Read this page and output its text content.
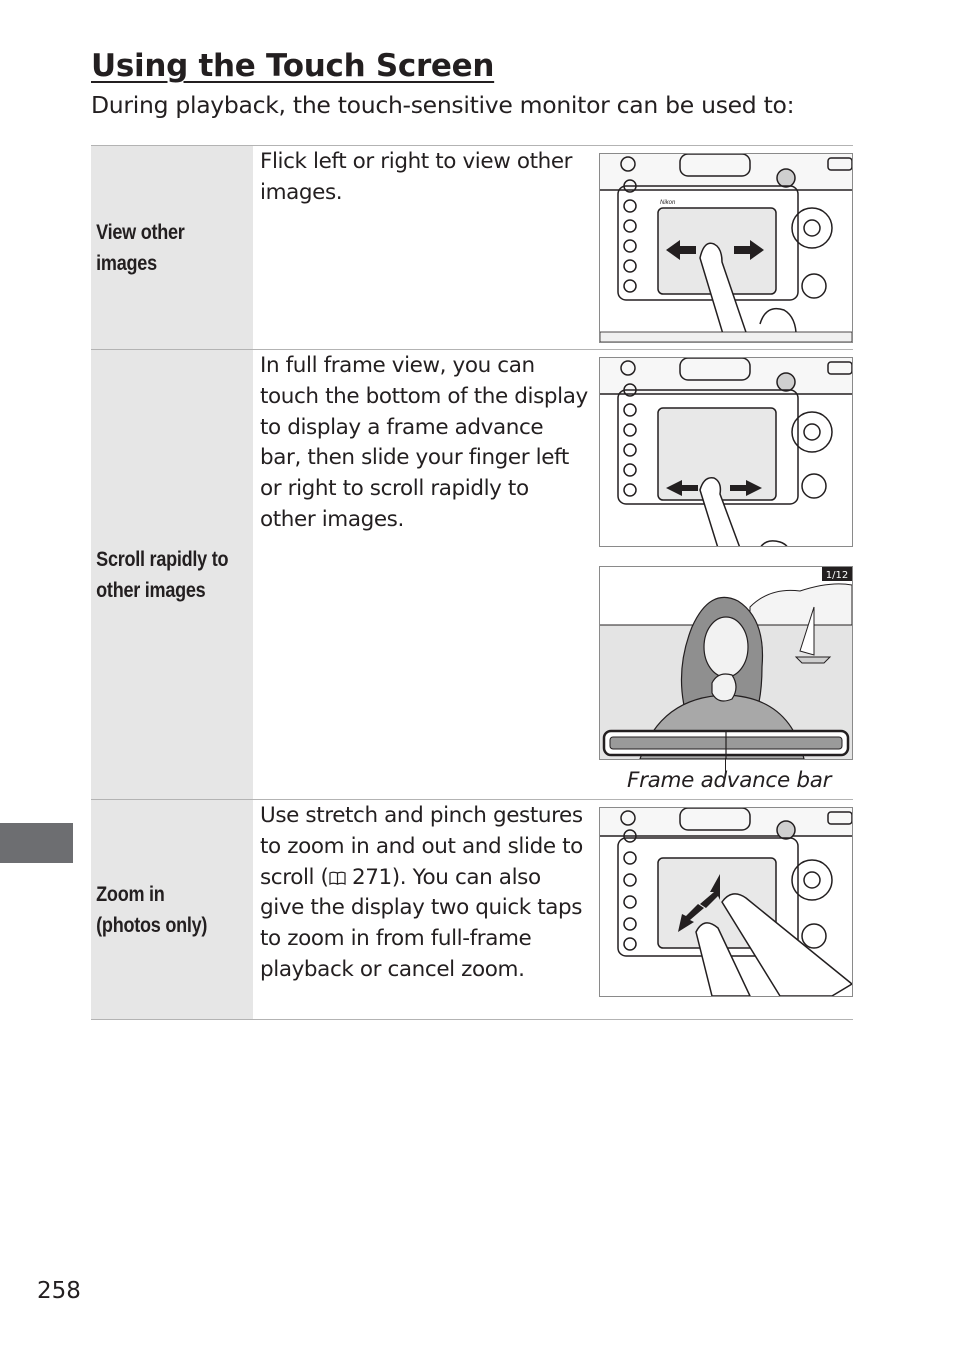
Using the Touch Screen

During playback, the touch-sensitive monitor can be used to:

View other images
Flick left or right to view other images.	Nikon
Scroll rapidly to other images
In full frame view, you can touch the bottom of the display to display a frame advance bar, then slide your finger left or right to scroll rapidly to other images.
1/12
Frame advance bar
Zoom in (photos only)
Use stretch and pinch gestures to zoom in and out and slide to scroll ( 271). You can also give the display two quick taps to zoom in from full-frame playback or cancel zoom.
258
